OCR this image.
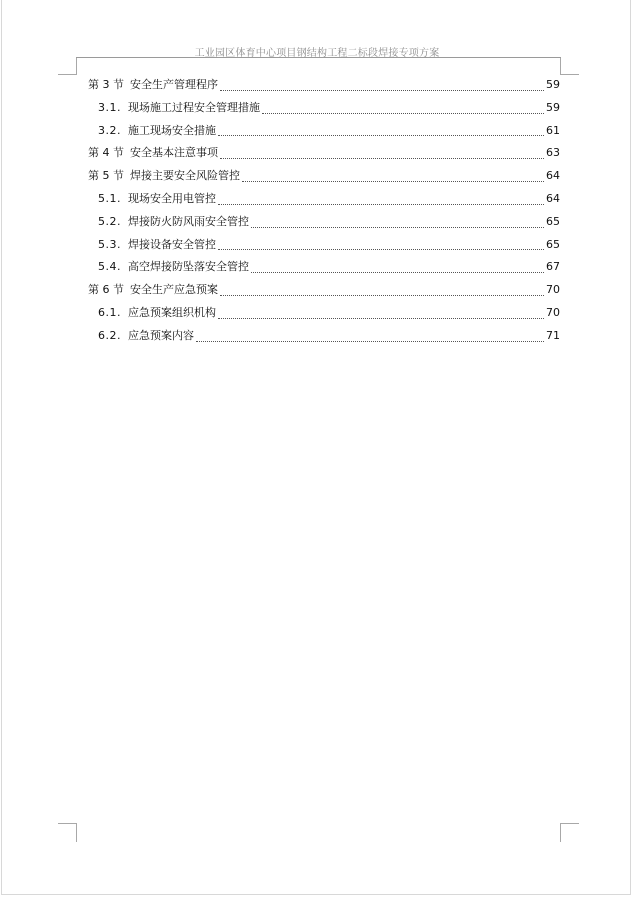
工业园区体育中心项目钢结构工程二标段焊接专项方案
第 3 节 安全生产管理程序	59
3.1. 现场施工过程安全管理措施	59
3.2. 施工现场安全措施	61
第 4 节 安全基本注意事项	63
第 5 节 焊接主要安全风险管控	64
5.1. 现场安全用电管控	64
5.2. 焊接防火防风雨安全管控	65
5.3. 焊接设备安全管控	65
5.4. 高空焊接防坠落安全管控	67
第 6 节 安全生产应急预案	70
6.1. 应急预案组织机构	70
6.2. 应急预案内容	71
